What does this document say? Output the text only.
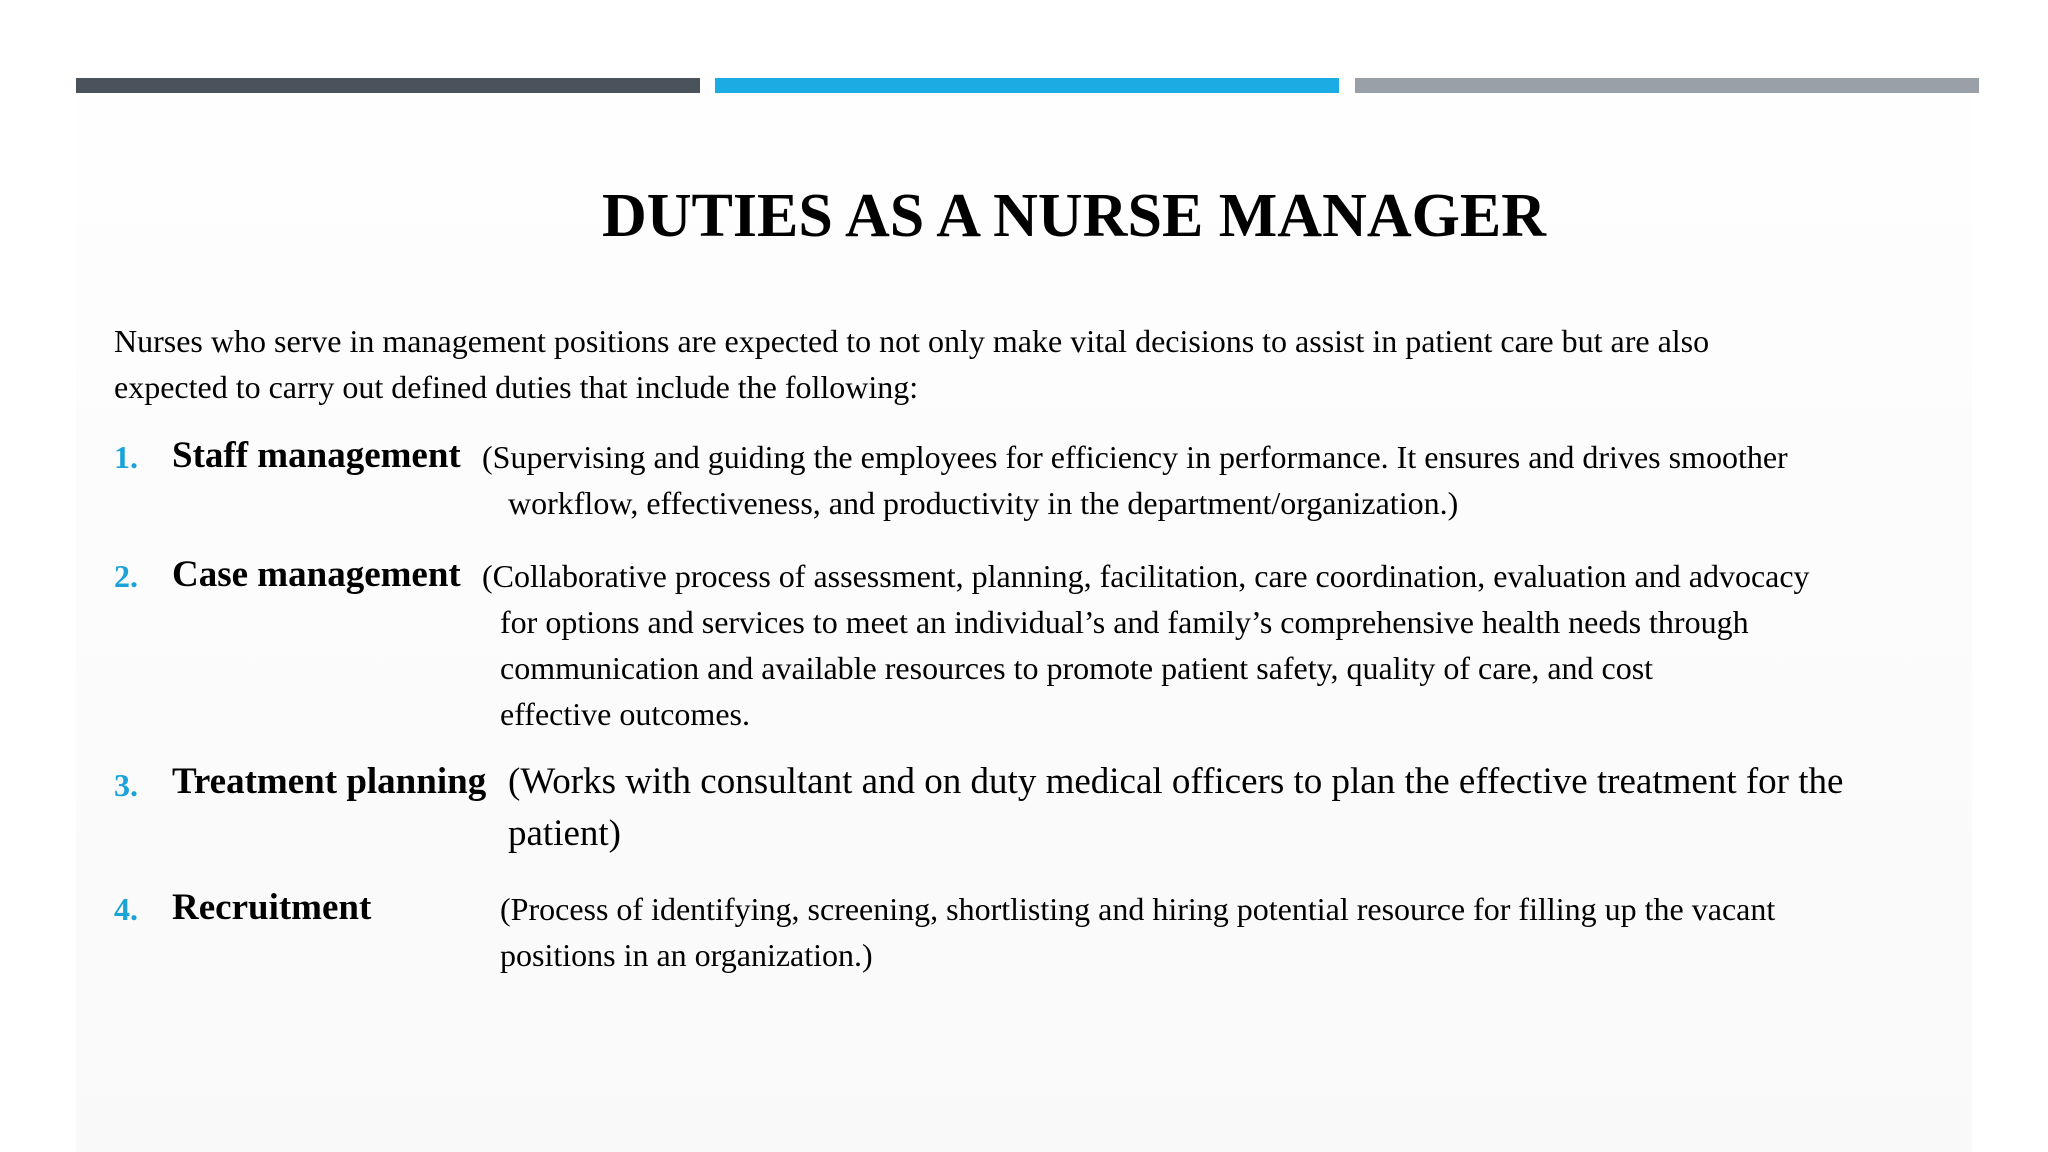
DUTIES AS A NURSE MANAGER

Nurses who serve in management positions are expected to not only make vital decisions to assist in patient care but are also
expected to carry out defined duties that include the following:

1. Staff management (Supervising and guiding the employees for efficiency in performance. It ensures and drives smoother
workflow, effectiveness, and productivity in the department/organization.)
2. Case management (Collaborative process of assessment, planning, facilitation, care coordination, evaluation and advocacy
for options and services to meet an individual’s and family’s comprehensive health needs through
communication and available resources to promote patient safety, quality of care, and cost
effective outcomes.
3. Treatment planning (Works with consultant and on duty medical officers to plan the effective treatment for the
patient)
4. Recruitment	(Process of identifying, screening, shortlisting and hiring potential resource for filling up the vacant
positions in an organization.)
